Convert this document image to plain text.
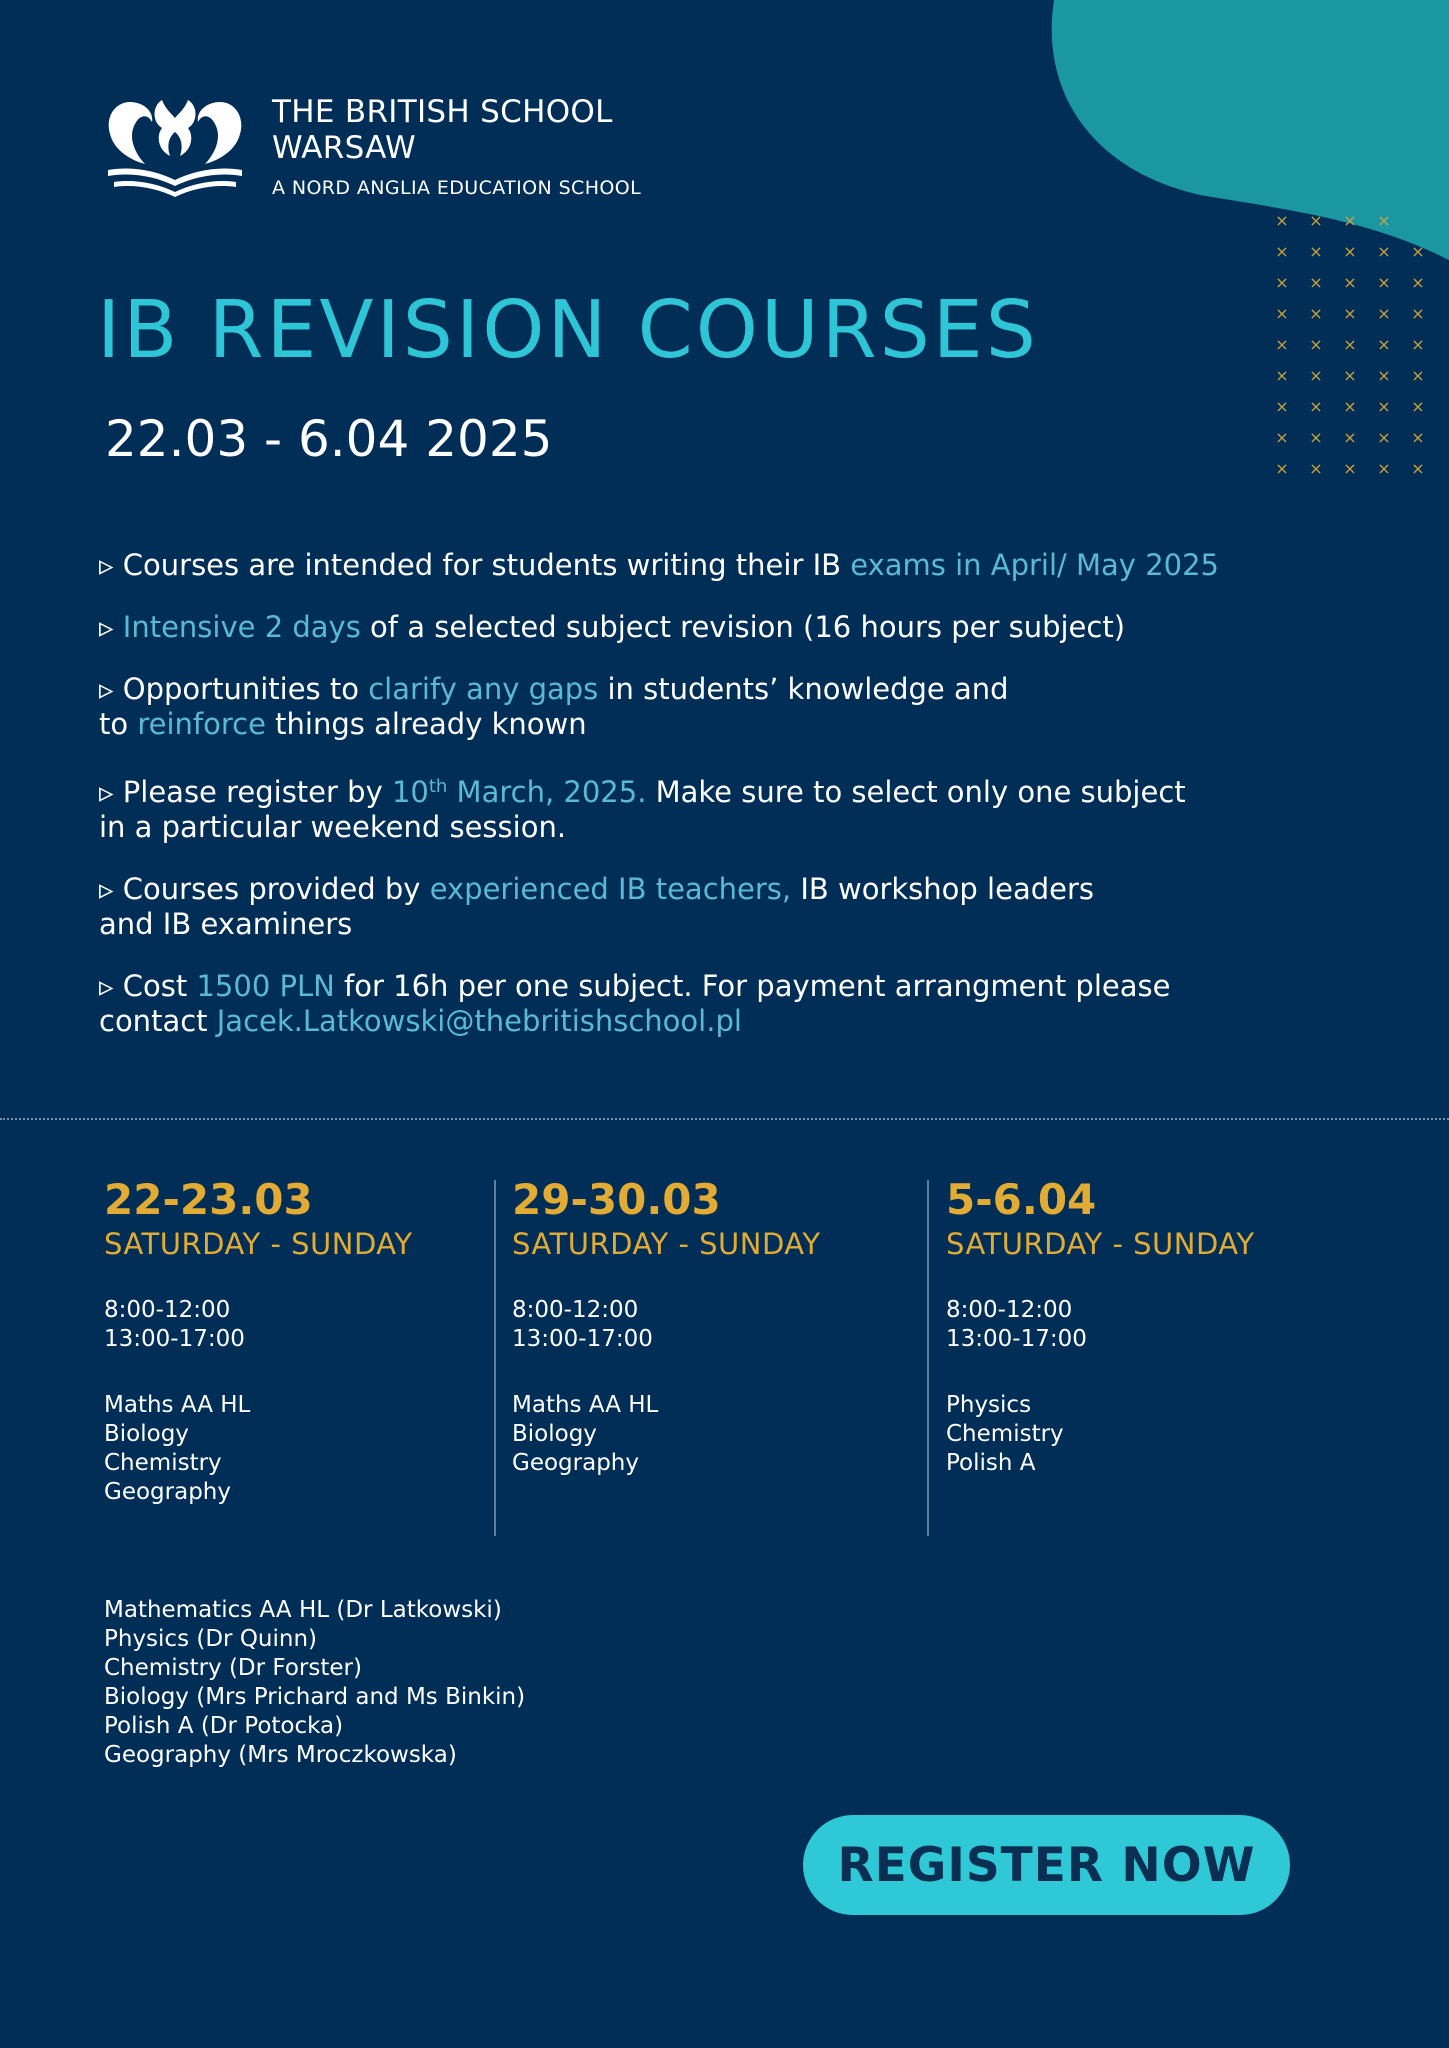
× × × ×
× × × × ×
× × × × ×
× × × × ×
× × × × ×
× × × × ×
× × × × ×
× × × × ×
× × × × ×
THE BRITISH SCHOOL
WARSAW
A NORD ANGLIA EDUCATION SCHOOL
IB REVISION COURSES
22.03 - 6.04 2025
▹ Courses are intended for students writing their IB exams in April/ May 2025
▹ Intensive 2 days of a selected subject revision (16 hours per subject)
▹ Opportunities to clarify any gaps in students’ knowledge and
to reinforce things already known
▹ Please register by 10th March, 2025. Make sure to select only one subject
in a particular weekend session.
▹ Courses provided by experienced IB teachers, IB workshop leaders
and IB examiners
▹ Cost 1500 PLN for 16h per one subject. For payment arrangment please
contact Jacek.Latkowski@thebritishschool.pl
22-23.03
SATURDAY - SUNDAY
8:00-12:00
13:00-17:00
Maths AA HL
Biology
Chemistry
Geography
29-30.03
SATURDAY - SUNDAY
8:00-12:00
13:00-17:00
Maths AA HL
Biology
Geography
5-6.04
SATURDAY - SUNDAY
8:00-12:00
13:00-17:00
Physics
Chemistry
Polish A
Mathematics AA HL (Dr Latkowski)
Physics (Dr Quinn)
Chemistry (Dr Forster)
Biology (Mrs Prichard and Ms Binkin)
Polish A (Dr Potocka)
Geography (Mrs Mroczkowska)
REGISTER NOW
